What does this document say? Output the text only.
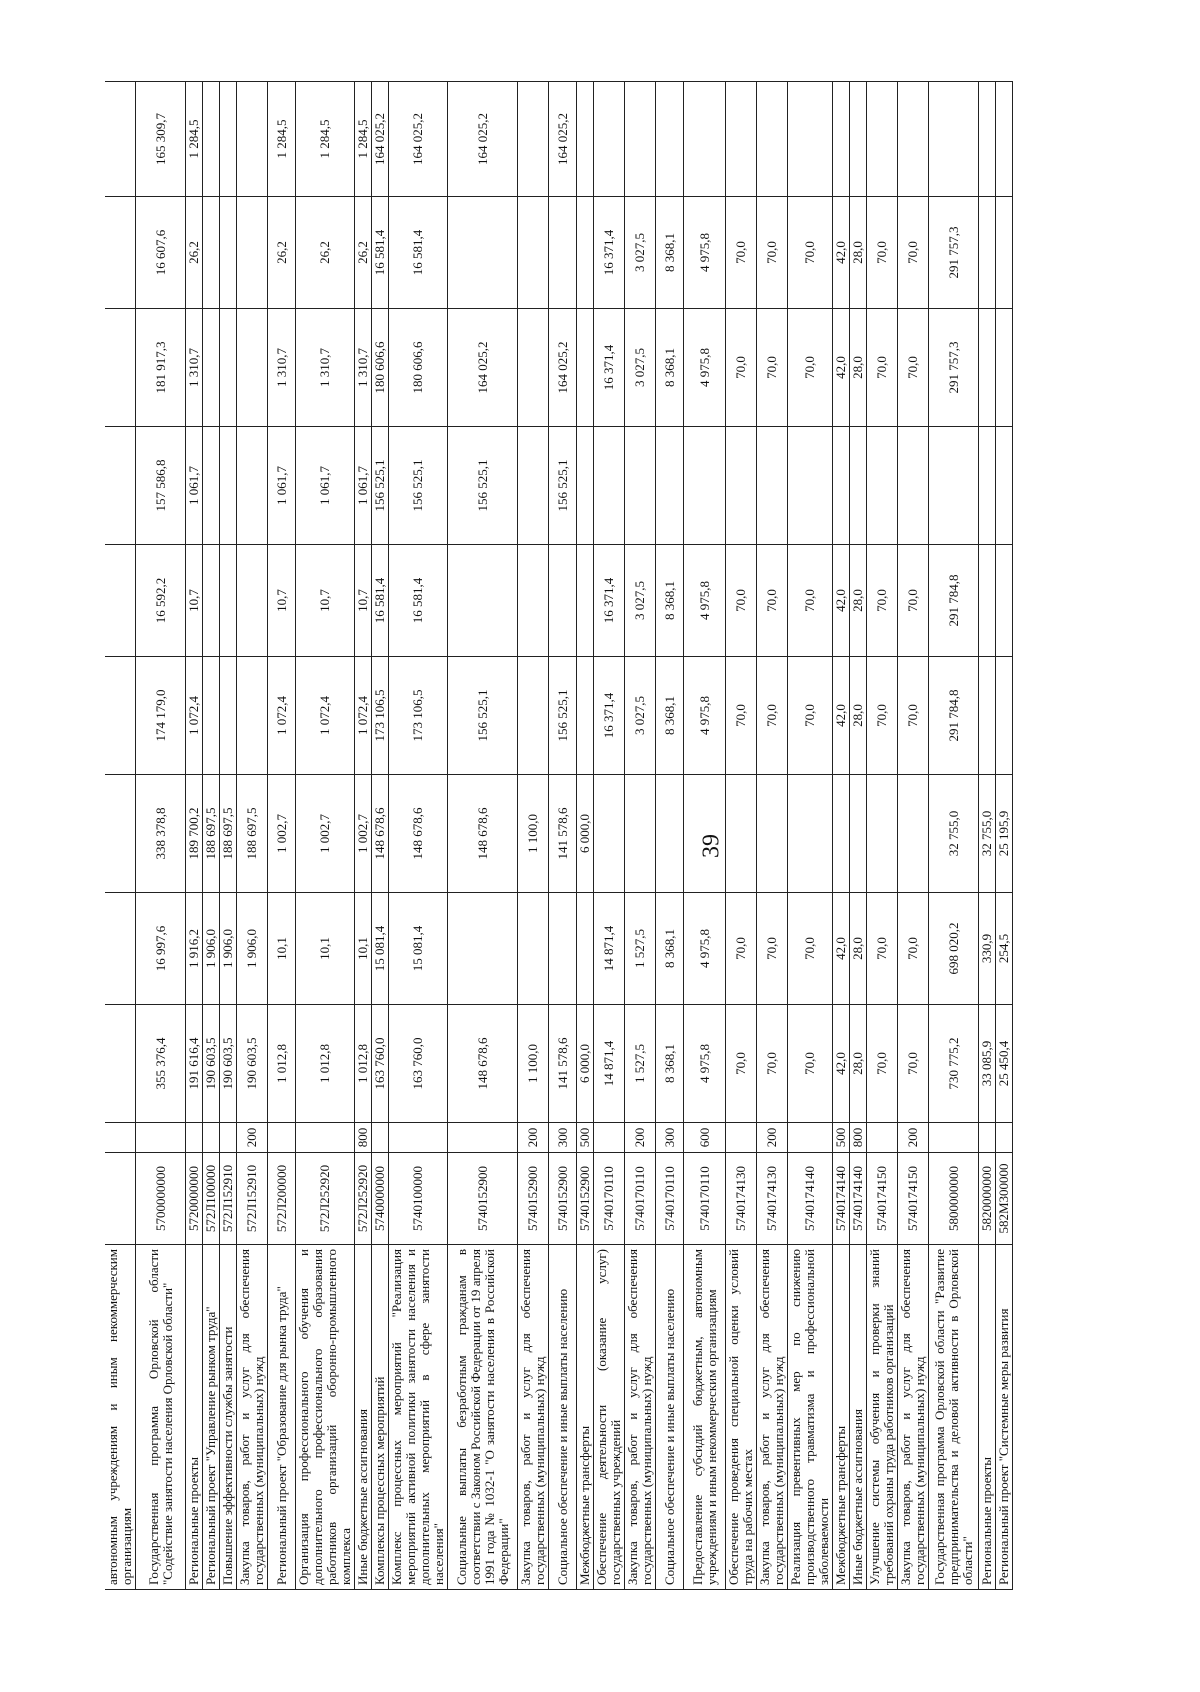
39
автономным учреждениям и иным некоммерческим организациям											
Государственная программа Орловской области "Содействие занятости населения Орловской области"	5700000000		355 376,4	16 997,6	338 378,8	174 179,0	16 592,2	157 586,8	181 917,3	16 607,6	165 309,7
Региональные проекты	5720000000		191 616,4	1 916,2	189 700,2	1 072,4	10,7	1 061,7	1 310,7	26,2	1 284,5
Региональный проект "Управление рынком труда"	572Л100000		190 603,5	1 906,0	188 697,5						
Повышение эффективности службы занятости	572Л152910		190 603,5	1 906,0	188 697,5						
Закупка товаров, работ и услуг для обеспечения государственных (муниципальных) нужд	572Л152910	200	190 603,5	1 906,0	188 697,5						
Региональный проект "Образование для рынка труда"	572Л200000		1 012,8	10,1	1 002,7	1 072,4	10,7	1 061,7	1 310,7	26,2	1 284,5
Организация профессионального обучения и дополнительного профессионального образования работников организаций оборонно-промышленного комплекса	572Л252920		1 012,8	10,1	1 002,7	1 072,4	10,7	1 061,7	1 310,7	26,2	1 284,5
Иные бюджетные ассигнования	572Л252920	800	1 012,8	10,1	1 002,7	1 072,4	10,7	1 061,7	1 310,7	26,2	1 284,5
Комплексы процессных мероприятий	5740000000		163 760,0	15 081,4	148 678,6	173 106,5	16 581,4	156 525,1	180 606,6	16 581,4	164 025,2
Комплекс процессных мероприятий "Реализация мероприятий активной политики занятости населения и дополнительных мероприятий в сфере занятости населения"	5740100000		163 760,0	15 081,4	148 678,6	173 106,5	16 581,4	156 525,1	180 606,6	16 581,4	164 025,2
Социальные выплаты безработным гражданам в соответствии с Законом Российской Федерации от 19 апреля 1991 года № 1032-1 "О занятости населения в Российской Федерации"	5740152900		148 678,6		148 678,6	156 525,1		156 525,1	164 025,2		164 025,2
Закупка товаров, работ и услуг для обеспечения государственных (муниципальных) нужд	5740152900	200	1 100,0		1 100,0						
Социальное обеспечение и иные выплаты населению	5740152900	300	141 578,6		141 578,6	156 525,1		156 525,1	164 025,2		164 025,2
Межбюджетные трансферты	5740152900	500	6 000,0		6 000,0						
Обеспечение деятельности (оказание услуг) государственных учреждений	5740170110		14 871,4	14 871,4		16 371,4	16 371,4		16 371,4	16 371,4	
Закупка товаров, работ и услуг для обеспечения государственных (муниципальных) нужд	5740170110	200	1 527,5	1 527,5		3 027,5	3 027,5		3 027,5	3 027,5	
Социальное обеспечение и иные выплаты населению	5740170110	300	8 368,1	8 368,1		8 368,1	8 368,1		8 368,1	8 368,1	
Предоставление субсидий бюджетным, автономным учреждениям и иным некоммерческим организациям	5740170110	600	4 975,8	4 975,8		4 975,8	4 975,8		4 975,8	4 975,8	
Обеспечение проведения специальной оценки условий труда на рабочих местах	5740174130		70,0	70,0		70,0	70,0		70,0	70,0	
Закупка товаров, работ и услуг для обеспечения государственных (муниципальных) нужд	5740174130	200	70,0	70,0		70,0	70,0		70,0	70,0	
Реализация превентивных мер по снижению производственного травматизма и профессиональной заболеваемости	5740174140		70,0	70,0		70,0	70,0		70,0	70,0	
Межбюджетные трансферты	5740174140	500	42,0	42,0		42,0	42,0		42,0	42,0	
Иные бюджетные ассигнования	5740174140	800	28,0	28,0		28,0	28,0		28,0	28,0	
Улучшение системы обучения и проверки знаний требований охраны труда работников организаций	5740174150		70,0	70,0		70,0	70,0		70,0	70,0	
Закупка товаров, работ и услуг для обеспечения государственных (муниципальных) нужд	5740174150	200	70,0	70,0		70,0	70,0		70,0	70,0	
Государственная программа Орловской области "Развитие предпринимательства и деловой активности в Орловской области"	5800000000		730 775,2	698 020,2	32 755,0	291 784,8	291 784,8		291 757,3	291 757,3	
Региональные проекты	5820000000		33 085,9	330,9	32 755,0						
Региональный проект "Системные меры развития	582М300000		25 450,4	254,5	25 195,9						
